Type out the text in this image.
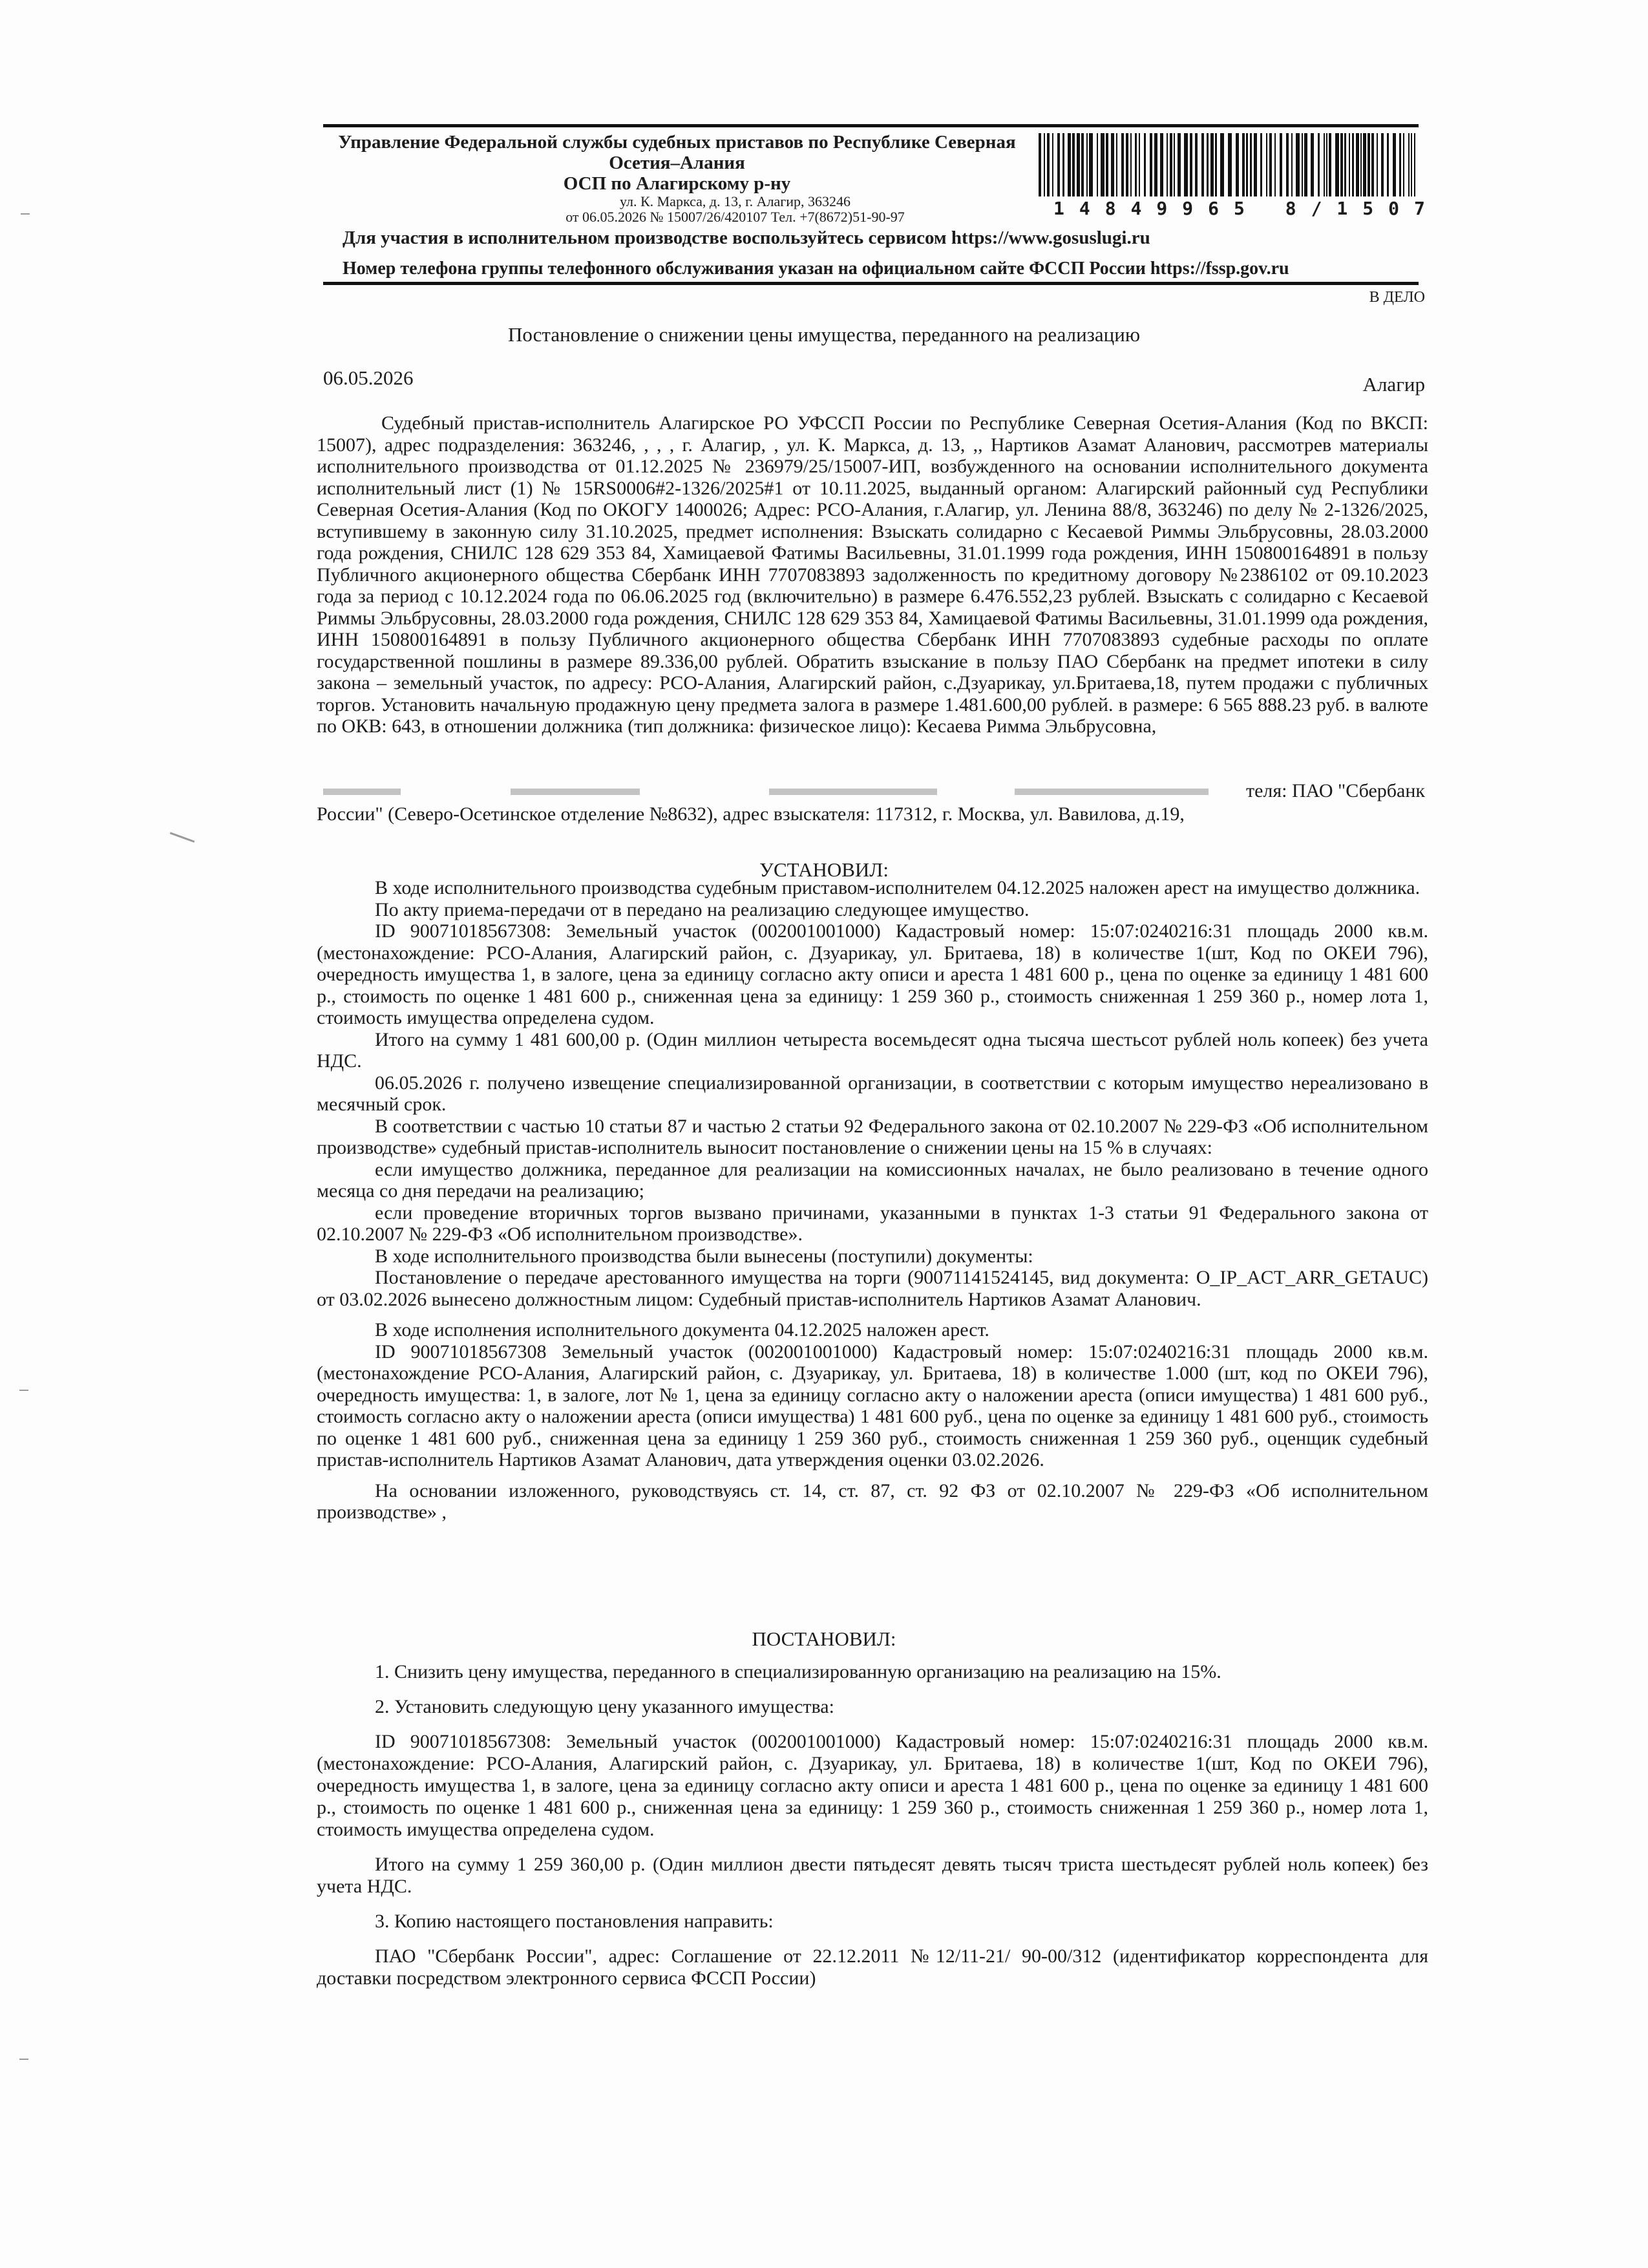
Управление Федеральной службы судебных приставов по Республике Северная
Осетия–Алания
ОСП по Алагирскому р-ну
ул. К. Маркса, д. 13, г. Алагир, 363246
от 06.05.2026 № 15007/26/420107 Тел. +7(8672)51-90-97	14849965 8/1507
Для участия в исполнительном производстве воспользуйтесь сервисом https://www.gosuslugi.ru
Номер телефона группы телефонного обслуживания указан на официальном сайте ФССП России https://fssp.gov.ru
В ДЕЛО
Постановление о снижении цены имущества, переданного на реализацию
06.05.2026	Алагир

Судебный пристав-исполнитель Алагирское РО УФССП России по Республике Северная Осетия-Алания (Код по ВКСП: 15007), адрес подразделения: 363246, , , , г. Алагир, , ул. К. Маркса, д. 13, ,, Нартиков Азамат Аланович, рассмотрев материалы исполнительного производства от 01.12.2025 № 236979/25/15007-ИП, возбужденного на основании исполнительного документа исполнительный лист (1) № 15RS0006#2-1326/2025#1 от 10.11.2025, выданный органом: Алагирский районный суд Республики Северная Осетия-Алания (Код по ОКОГУ 1400026; Адрес: РСО-Алания, г.Алагир, ул. Ленина 88/8, 363246) по делу № 2-1326/2025, вступившему в законную силу 31.10.2025, предмет исполнения: Взыскать солидарно с Кесаевой Риммы Эльбрусовны, 28.03.2000 года рождения, СНИЛС 128 629 353 84, Хамицаевой Фатимы Васильевны, 31.01.1999 года рождения, ИНН 150800164891 в пользу Публичного акционерного общества Сбербанк ИНН 7707083893 задолженность по кредитному договору №2386102 от 09.10.2023 года за период с 10.12.2024 года по 06.06.2025 год (включительно) в размере 6.476.552,23 рублей. Взыскать с солидарно с Кесаевой Риммы Эльбрусовны, 28.03.2000 года рождения, СНИЛС 128 629 353 84, Хамицаевой Фатимы Васильевны, 31.01.1999 ода рождения, ИНН 150800164891 в пользу Публичного акционерного общества Сбербанк ИНН 7707083893 судебные расходы по оплате государственной пошлины в размере 89.336,00 рублей. Обратить взыскание в пользу ПАО Сбербанк на предмет ипотеки в силу закона – земельный участок, по адресу: РСО-Алания, Алагирский район, с.Дзуарикау, ул.Бритаева,18, путем продажи с публичных торгов. Установить начальную продажную цену предмета залога в размере 1.481.600,00 рублей. в размере: 6 565 888.23 руб. в валюте по ОКВ: 643, в отношении должника (тип должника: физическое лицо): Кесаева Римма Эльбрусовна,

теля: ПАО "Сбербанк

России" (Северо-Осетинское отделение №8632), адрес взыскателя: 117312, г. Москва, ул. Вавилова, д.19,

УСТАНОВИЛ:

В ходе исполнительного производства судебным приставом-исполнителем 04.12.2025 наложен арест на имущество должника.

По акту приема-передачи от в передано на реализацию следующее имущество.

ID 90071018567308: Земельный участок (002001001000) Кадастровый номер: 15:07:0240216:31 площадь 2000 кв.м. (местонахождение: РСО-Алания, Алагирский район, с. Дзуарикау, ул. Бритаева, 18) в количестве 1(шт, Код по ОКЕИ 796), очередность имущества 1, в залоге, цена за единицу согласно акту описи и ареста 1 481 600 р., цена по оценке за единицу 1 481 600 р., стоимость по оценке 1 481 600 р., сниженная цена за единицу: 1 259 360 р., стоимость сниженная 1 259 360 р., номер лота 1, стоимость имущества определена судом.

Итого на сумму 1 481 600,00 р. (Один миллион четыреста восемьдесят одна тысяча шестьсот рублей ноль копеек) без учета НДС.

06.05.2026 г. получено извещение специализированной организации, в соответствии с которым имущество нереализовано в месячный срок.

В соответствии с частью 10 статьи 87 и частью 2 статьи 92 Федерального закона от 02.10.2007 № 229-ФЗ «Об исполнительном производстве» судебный пристав-исполнитель выносит постановление о снижении цены на 15 % в случаях:

если имущество должника, переданное для реализации на комиссионных началах, не было реализовано в течение одного месяца со дня передачи на реализацию;

если проведение вторичных торгов вызвано причинами, указанными в пунктах 1-3 статьи 91 Федерального закона от 02.10.2007 № 229-ФЗ «Об исполнительном производстве».

В ходе исполнительного производства были вынесены (поступили) документы:

Постановление о передаче арестованного имущества на торги (90071141524145, вид документа: O_IP_ACT_ARR_GETAUC) от 03.02.2026 вынесено должностным лицом: Судебный пристав-исполнитель Нартиков Азамат Аланович.

В ходе исполнения исполнительного документа 04.12.2025 наложен арест.

ID 90071018567308 Земельный участок (002001001000) Кадастровый номер: 15:07:0240216:31 площадь 2000 кв.м. (местонахождение РСО-Алания, Алагирский район, с. Дзуарикау, ул. Бритаева, 18) в количестве 1.000 (шт, код по ОКЕИ 796), очередность имущества: 1, в залоге, лот № 1, цена за единицу согласно акту о наложении ареста (описи имущества) 1 481 600 руб., стоимость согласно акту о наложении ареста (описи имущества) 1 481 600 руб., цена по оценке за единицу 1 481 600 руб., стоимость по оценке 1 481 600 руб., сниженная цена за единицу 1 259 360 руб., стоимость сниженная 1 259 360 руб., оценщик судебный пристав-исполнитель Нартиков Азамат Аланович, дата утверждения оценки 03.02.2026.

На основании изложенного, руководствуясь ст. 14, ст. 87, ст. 92 ФЗ от 02.10.2007 № 229-ФЗ «Об исполнительном производстве» ,

ПОСТАНОВИЛ:

1. Снизить цену имущества, переданного в специализированную организацию на реализацию на 15%.

2. Установить следующую цену указанного имущества:

ID 90071018567308: Земельный участок (002001001000) Кадастровый номер: 15:07:0240216:31 площадь 2000 кв.м. (местонахождение: РСО-Алания, Алагирский район, с. Дзуарикау, ул. Бритаева, 18) в количестве 1(шт, Код по ОКЕИ 796), очередность имущества 1, в залоге, цена за единицу согласно акту описи и ареста 1 481 600 р., цена по оценке за единицу 1 481 600 р., стоимость по оценке 1 481 600 р., сниженная цена за единицу: 1 259 360 р., стоимость сниженная 1 259 360 р., номер лота 1, стоимость имущества определена судом.

Итого на сумму 1 259 360,00 р. (Один миллион двести пятьдесят девять тысяч триста шестьдесят рублей ноль копеек) без учета НДС.

3. Копию настоящего постановления направить:

ПАО "Сбербанк России", адрес: Соглашение от 22.12.2011 №12/11-21/ 90-00/312 (идентификатор корреспондента для доставки посредством электронного сервиса ФССП России)
